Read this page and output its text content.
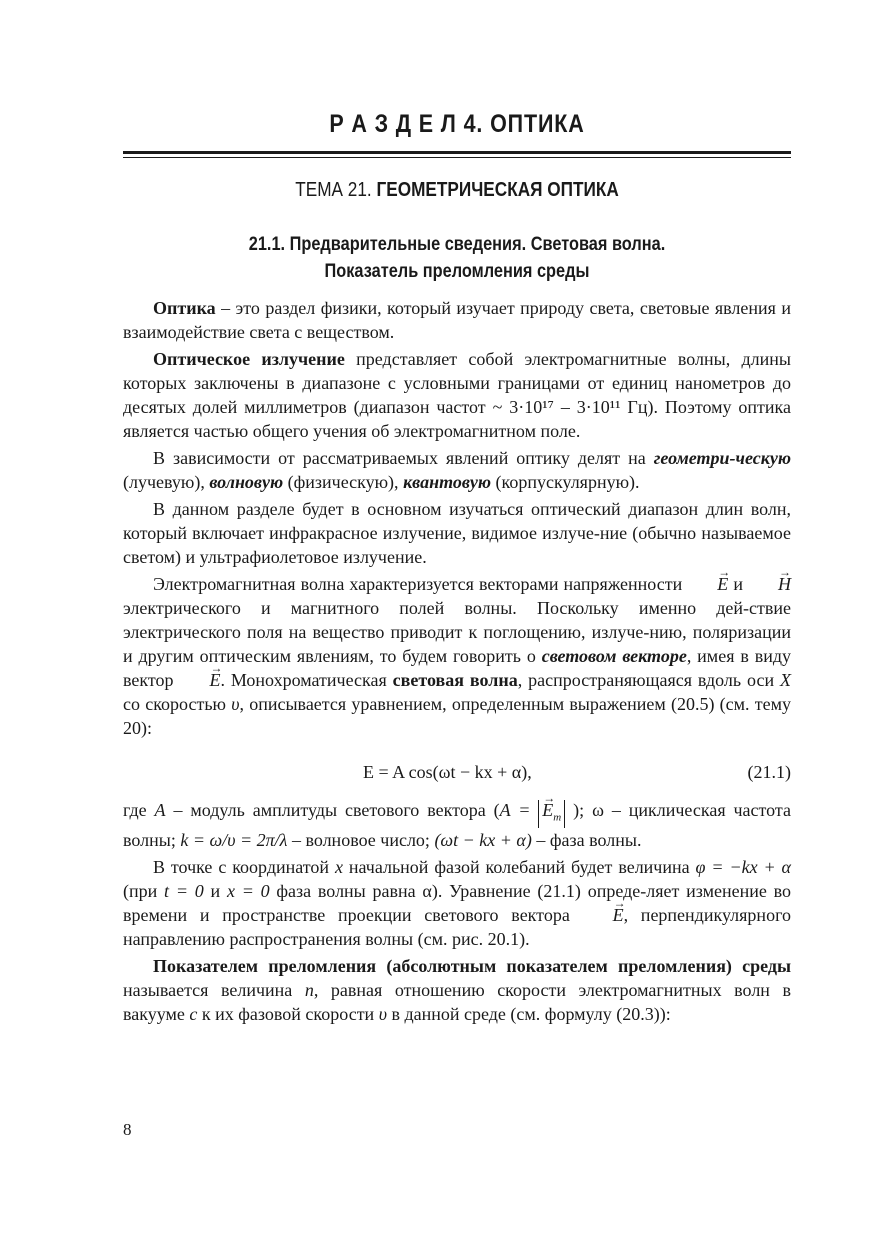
Р А З Д Е Л 4. ОПТИКА
ТЕМА 21. ГЕОМЕТРИЧЕСКАЯ ОПТИКА
21.1. Предварительные сведения. Световая волна.
Показатель преломления среды

Оптика – это раздел физики, который изучает природу света, световые явления и взаимодействие света с веществом.

Оптическое излучение представляет собой электромагнитные волны, длины которых заключены в диапазоне с условными границами от единиц нанометров до десятых долей миллиметров (диапазон частот ~ 3·10¹⁷ – 3·10¹¹ Гц). Поэтому оптика является частью общего учения об электромагнитном поле.

В зависимости от рассматриваемых явлений оптику делят на геометри-ческую (лучевую), волновую (физическую), квантовую (корпускулярную).

В данном разделе будет в основном изучаться оптический диапазон длин волн, который включает инфракрасное излучение, видимое излуче-ние (обычно называемое светом) и ультрафиолетовое излучение.

Электромагнитная волна характеризуется векторами напряженности → E и → H электрического и магнитного полей волны. Поскольку именно дей-ствие электрического поля на вещество приводит к поглощению, излуче-нию, поляризации и другим оптическим явлениям, то будем говорить о световом векторе, имея в виду вектор → E. Монохроматическая световая волна, распространяющаяся вдоль оси X со скоростью υ, описывается уравнением, определенным выражением (20.5) (см. тему 20):

E = A cos(ωt − kx + α),	(21.1)

где A – модуль амплитуды светового вектора (A = → $E_m$ ); ω – циклическая частота волны; k = ω/υ = 2π/λ – волновое число; (ωt − kx + α) – фаза волны.

В точке с координатой x начальной фазой колебаний будет величина φ = −kx + α (при t = 0 и x = 0 фаза волны равна α). Уравнение (21.1) опреде-ляет изменение во времени и пространстве проекции светового вектора → E, перпендикулярного направлению распространения волны (см. рис. 20.1).

Показателем преломления (абсолютным показателем преломления) среды называется величина n, равная отношению скорости электромагнитных волн в вакууме c к их фазовой скорости υ в данной среде (см. формулу (20.3)):

8
